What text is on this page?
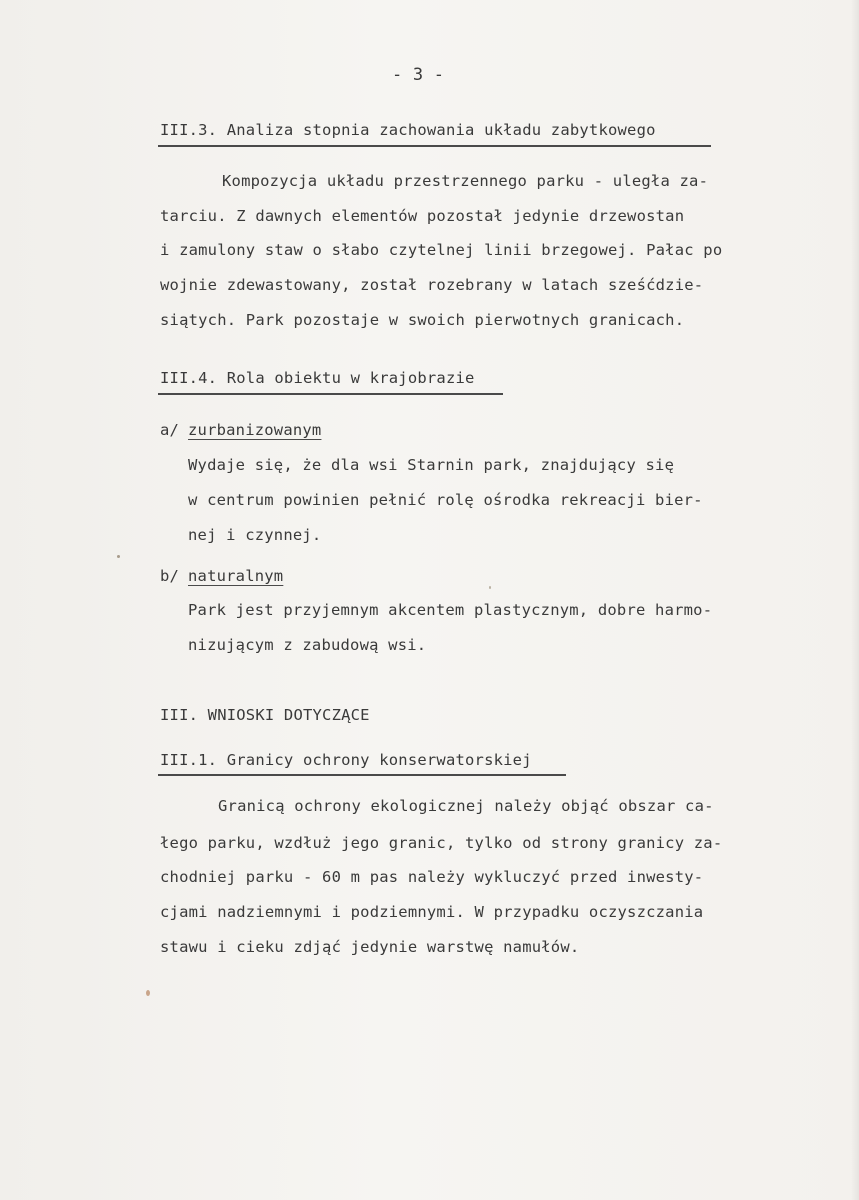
- 3 -
III.3. Analiza stopnia zachowania układu zabytkowego
Kompozycja układu przestrzennego parku - uległa za-
tarciu. Z dawnych elementów pozostał jedynie drzewostan
i zamulony staw o słabo czytelnej linii brzegowej. Pałac po
wojnie zdewastowany, został rozebrany w latach sześćdzie-
siątych. Park pozostaje w swoich pierwotnych granicach.
III.4. Rola obiektu w krajobrazie
a/ zurbanizowanym
Wydaje się, że dla wsi Starnin park, znajdujący się
w centrum powinien pełnić rolę ośrodka rekreacji bier-
nej i czynnej.
b/ naturalnym
Park jest przyjemnym akcentem plastycznym, dobre harmo-
nizującym z zabudową wsi.
III. WNIOSKI DOTYCZĄCE
III.1. Granicy ochrony konserwatorskiej
Granicą ochrony ekologicznej należy objąć obszar ca-
łego parku, wzdłuż jego granic, tylko od strony granicy za-
chodniej parku - 60 m pas należy wykluczyć przed inwesty-
cjami nadziemnymi i podziemnymi. W przypadku oczyszczania
stawu i cieku zdjąć jedynie warstwę namułów.
